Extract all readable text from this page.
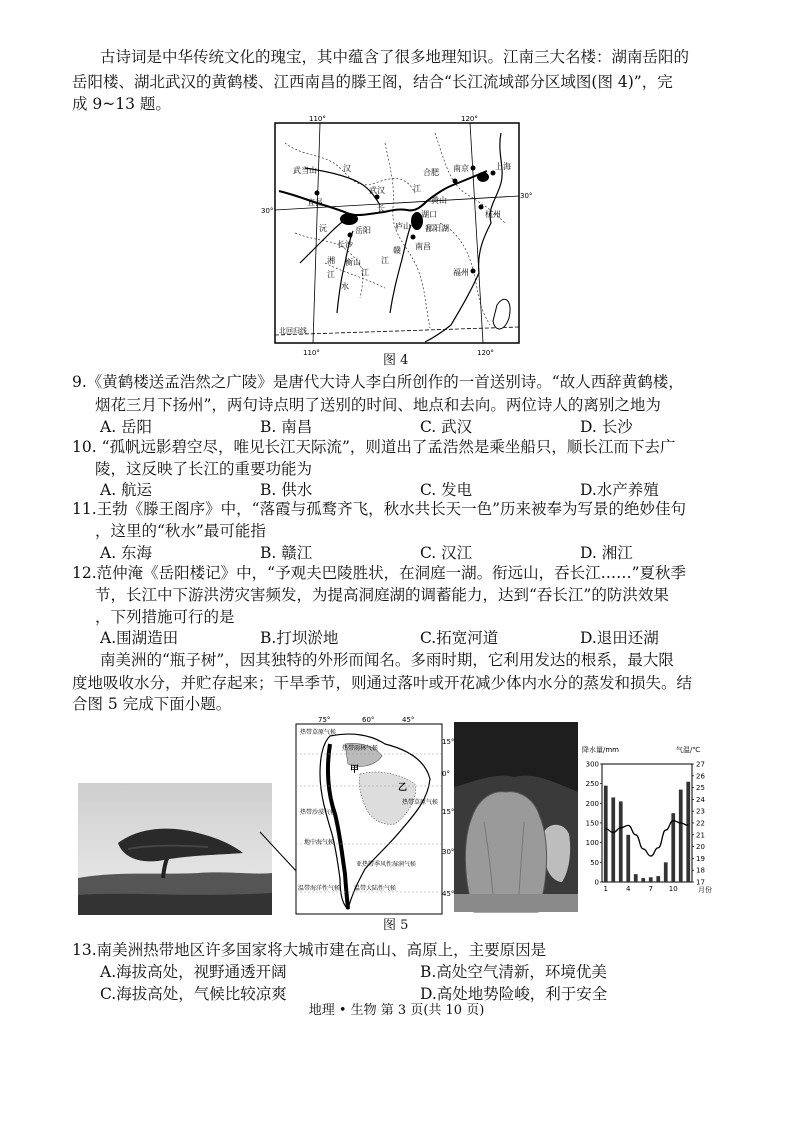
古诗词是中华传统文化的瑰宝，其中蕴含了很多地理知识。江南三大名楼：湖南岳阳的
岳阳楼、湖北武汉的黄鹤楼、江西南昌的滕王阁，结合“长江流域部分区域图(图 4)”，完
成 9~13 题。
110°	120°
110°	120°
30°
30°
北回归线
武当山	汉	合肥 南京	上海
宜昌
江
武汉
长
湖口
黄山
杭州
沅	岳阳	庐山 鄱阳湖
长沙	南昌
湘
江
衡山
赣
江
江
水
福州
图 4
9.《黄鹤楼送孟浩然之广陵》是唐代大诗人李白所创作的一首送别诗。“故人西辞黄鹤楼，
烟花三月下扬州”，两句诗点明了送别的时间、地点和去向。两位诗人的离别之地为
A. 岳阳	B. 南昌	C. 武汉	D. 长沙
10. “孤帆远影碧空尽，唯见长江天际流”，则道出了孟浩然是乘坐船只，顺长江而下去广
陵，这反映了长江的重要功能为
A. 航运	B. 供水	C. 发电	D.水产养殖
11.王勃《滕王阁序》中，“落霞与孤鹜齐飞，秋水共长天一色”历来被奉为写景的绝妙佳句
，这里的“秋水”最可能指
A. 东海	B. 赣江	C. 汉江	D. 湘江
12.范仲淹《岳阳楼记》中，“予观夫巴陵胜状，在洞庭一湖。衔远山，吞长江……”夏秋季
节，长江中下游洪涝灾害频发，为提高洞庭湖的调蓄能力，达到“吞长江”的防洪效果
，下列措施可行的是
A.围湖造田	B.打坝淤地	C.拓宽河道	D.退田还湖
南美洲的“瓶子树”，因其独特的外形而闻名。多雨时期，它利用发达的根系，最大限
度地吸收水分，并贮存起来；干旱季节，则通过落叶或开花减少体内水分的蒸发和损失。结
合图 5 完成下面小题。
75°	60°	45°
15°
0°
15°
30°
45°
热带草原气候
热带雨林气候
甲
乙
热带草原气候
热带沙漠气候
地中海气候
亚热带季风性湿润气候
温带海洋性气候 温带大陆性气候
降水量/mm	气温/℃
0
50
100
150
200
250
300
17
18
19
20
21
22
23
24
25
26
27
1	4	7 10	月份
图 5
13.南美洲热带地区许多国家将大城市建在高山、高原上，主要原因是
A.海拔高处，视野通透开阔	B.高处空气清新，环境优美
C.海拔高处，气候比较凉爽	D.高处地势险峻，利于安全
地理 • 生物 第 3 页(共 10 页)
